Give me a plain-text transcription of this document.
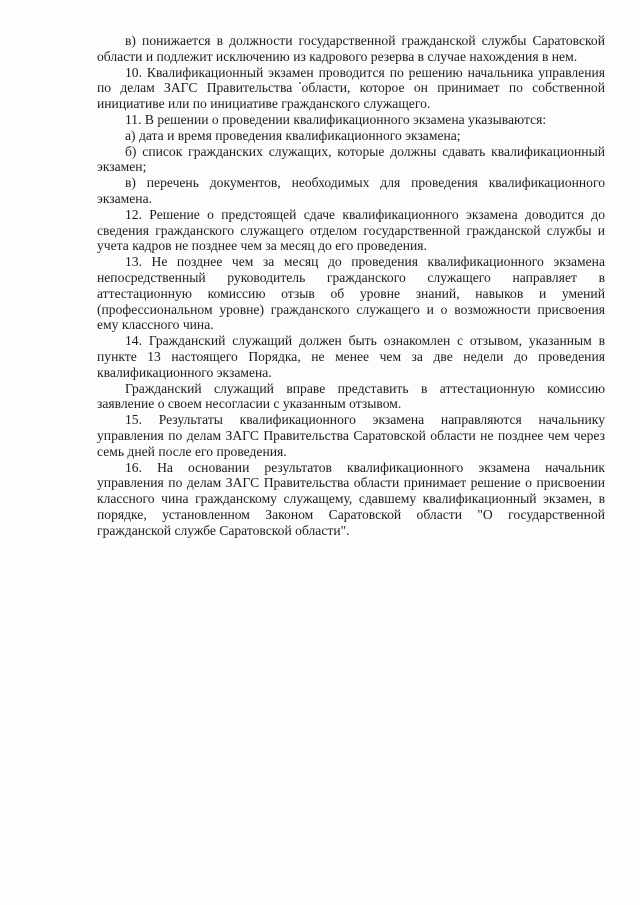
в) понижается в должности государственной гражданской службы Саратовской области и подлежит исключению из кадрового резерва в случае нахождения в нем.

10. Квалификационный экзамен проводится по решению начальника управления по делам ЗАГС Правительства области, которое он принимает по собственной инициативе или по инициативе гражданского служащего.

11. В решении о проведении квалификационного экзамена указываются:

а) дата и время проведения квалификационного экзамена;

б) список гражданских служащих, которые должны сдавать квалификационный экзамен;

в) перечень документов, необходимых для проведения квалификационного экзамена.

12. Решение о предстоящей сдаче квалификационного экзамена доводится до сведения гражданского служащего отделом государственной гражданской службы и учета кадров не позднее чем за месяц до его проведения.

13. Не позднее чем за месяц до проведения квалификационного экзамена непосредственный руководитель гражданского служащего направляет в аттестационную комиссию отзыв об уровне знаний, навыков и умений (профессиональном уровне) гражданского служащего и о возможности присвоения ему классного чина.

14. Гражданский служащий должен быть ознакомлен с отзывом, указанным в пункте 13 настоящего Порядка, не менее чем за две недели до проведения квалификационного экзамена.

Гражданский служащий вправе представить в аттестационную комиссию заявление о своем несогласии с указанным отзывом.

15. Результаты квалификационного экзамена направляются начальнику управления по делам ЗАГС Правительства Саратовской области не позднее чем через семь дней после его проведения.

16. На основании результатов квалификационного экзамена начальник управления по делам ЗАГС Правительства области принимает решение о присвоении классного чина гражданскому служащему, сдавшему квалификационный экзамен, в порядке, установленном Законом Саратовской области "О государственной гражданской службе Саратовской области".
